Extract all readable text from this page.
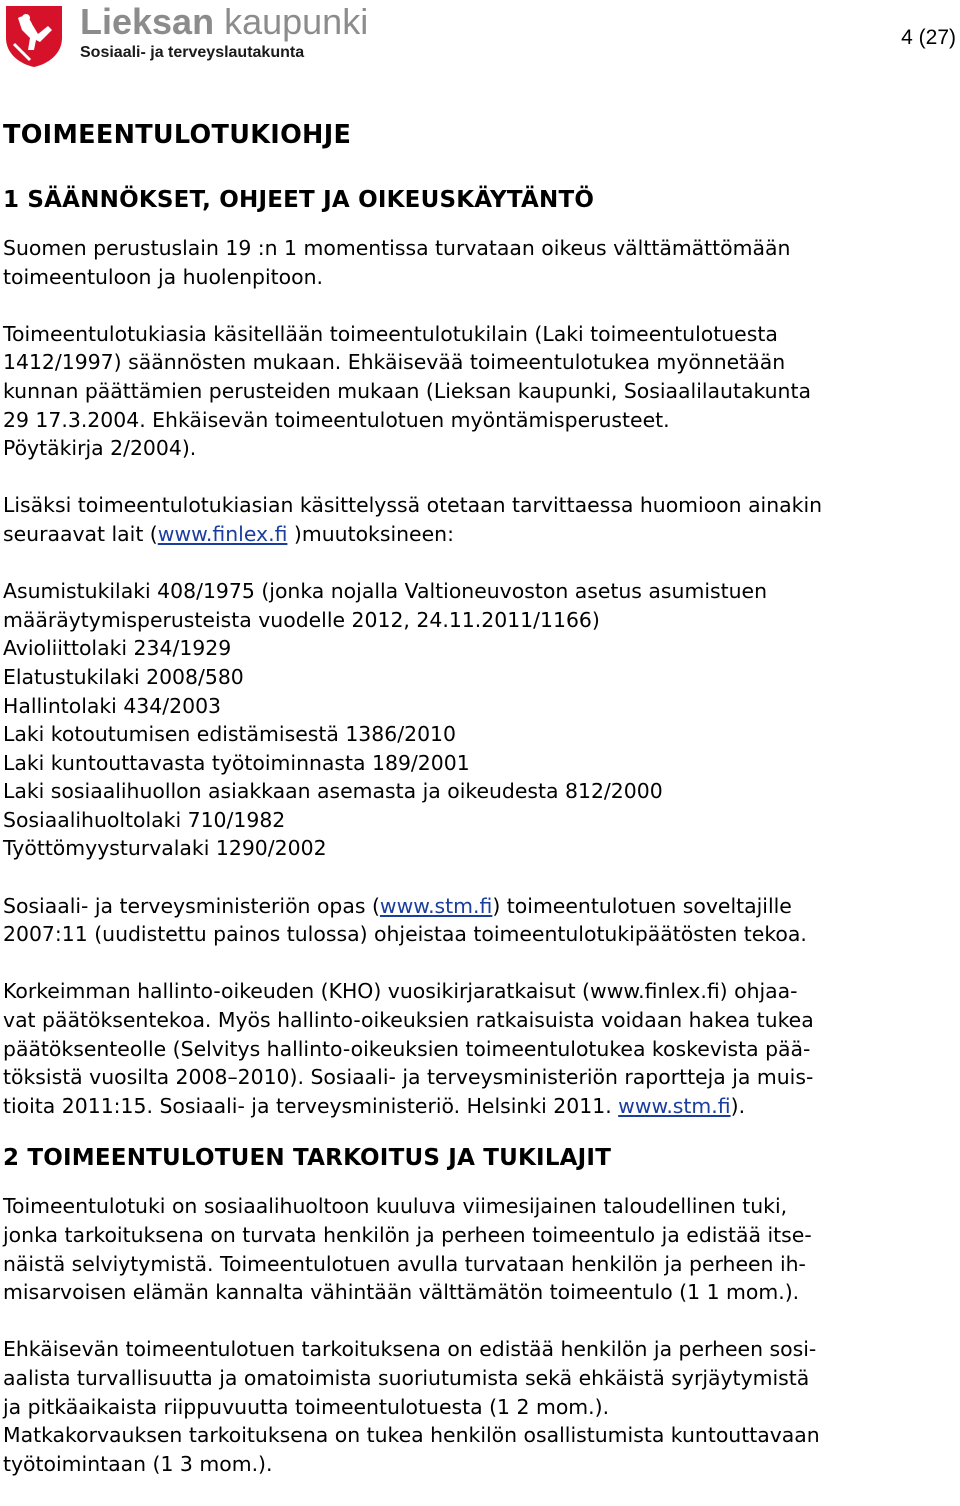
Lieksan kaupunki
Sosiaali- ja terveyslautakunta
4 (27)
TOIMEENTULOTUKIOHJE
1 SÄÄNNÖKSET, OHJEET JA OIKEUSKÄYTÄNTÖ
Suomen perustuslain 19 :n 1 momentissa turvataan oikeus välttämättömään
toimeentuloon ja huolenpitoon.
Toimeentulotukiasia käsitellään toimeentulotukilain (Laki toimeentulotuesta
1412/1997) säännösten mukaan. Ehkäisevää toimeentulotukea myönnetään
kunnan päättämien perusteiden mukaan (Lieksan kaupunki, Sosiaalilautakunta
29 17.3.2004. Ehkäisevän toimeentulotuen myöntämisperusteet.
Pöytäkirja 2/2004).
Lisäksi toimeentulotukiasian käsittelyssä otetaan tarvittaessa huomioon ainakin
seuraavat lait (www.finlex.fi )muutoksineen:
Asumistukilaki 408/1975 (jonka nojalla Valtioneuvoston asetus asumistuen
määräytymisperusteista vuodelle 2012, 24.11.2011/1166)
Avioliittolaki 234/1929
Elatustukilaki 2008/580
Hallintolaki 434/2003
Laki kotoutumisen edistämisestä 1386/2010
Laki kuntouttavasta työtoiminnasta 189/2001
Laki sosiaalihuollon asiakkaan asemasta ja oikeudesta 812/2000
Sosiaalihuoltolaki 710/1982
Työttömyysturvalaki 1290/2002
Sosiaali- ja terveysministeriön opas (www.stm.fi) toimeentulotuen soveltajille
2007:11 (uudistettu painos tulossa) ohjeistaa toimeentulotukipäätösten tekoa.
Korkeimman hallinto-oikeuden (KHO) vuosikirjaratkaisut (www.finlex.fi) ohjaa-
vat päätöksentekoa. Myös hallinto-oikeuksien ratkaisuista voidaan hakea tukea
päätöksenteolle (Selvitys hallinto-oikeuksien toimeentulotukea koskevista pää-
töksistä vuosilta 2008–2010). Sosiaali- ja terveysministeriön raportteja ja muis-
tioita 2011:15. Sosiaali- ja terveysministeriö. Helsinki 2011. www.stm.fi).
2 TOIMEENTULOTUEN TARKOITUS JA TUKILAJIT
Toimeentulotuki on sosiaalihuoltoon kuuluva viimesijainen taloudellinen tuki,
jonka tarkoituksena on turvata henkilön ja perheen toimeentulo ja edistää itse-
näistä selviytymistä. Toimeentulotuen avulla turvataan henkilön ja perheen ih-
misarvoisen elämän kannalta vähintään välttämätön toimeentulo (1 1 mom.).
Ehkäisevän toimeentulotuen tarkoituksena on edistää henkilön ja perheen sosi-
aalista turvallisuutta ja omatoimista suoriutumista sekä ehkäistä syrjäytymistä
ja pitkäaikaista riippuvuutta toimeentulotuesta (1 2 mom.).
Matkakorvauksen tarkoituksena on tukea henkilön osallistumista kuntouttavaan
työtoimintaan (1 3 mom.).
